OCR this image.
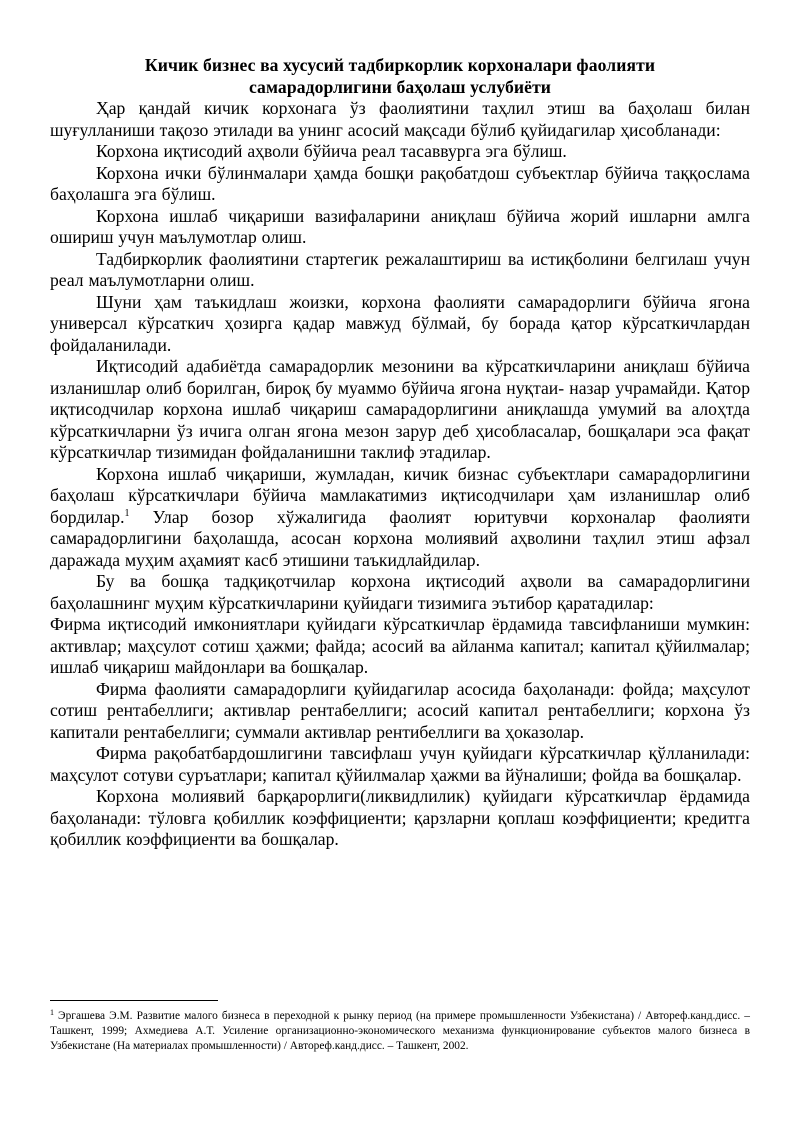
Кичик бизнес ва хусусий тадбиркорлик корхоналари фаолияти
самарадорлигини баҳолаш услубиёти

Ҳар қандай кичик корхонага ўз фаолиятини таҳлил этиш ва баҳолаш билан шуғулланиши тақозо этилади ва унинг асосий мақсади бўлиб қуйидагилар ҳисобланади:

Корхона иқтисодий аҳволи бўйича реал тасаввурга эга бўлиш.

Корхона ички бўлинмалари ҳамда бошқи рақобатдош субъектлар бўйича таққослама баҳолашга эга бўлиш.

Корхона ишлаб чиқариши вазифаларини аниқлаш бўйича жорий ишларни амлга ошириш учун маълумотлар олиш.

Тадбиркорлик фаолиятини стартегик режалаштириш ва истиқболини белгилаш учун реал маълумотларни олиш.

Шуни ҳам таъкидлаш жоизки, корхона фаолияти самарадорлиги бўйича ягона универсал кўрсаткич ҳозирга қадар мавжуд бўлмай, бу борада қатор кўрсаткичлардан фойдаланилади.

Иқтисодий адабиётда самарадорлик мезонини ва кўрсаткичларини аниқлаш бўйича изланишлар олиб борилган, бироқ бу муаммо бўйича ягона нуқтаи- назар учрамайди. Қатор иқтисодчилар корхона ишлаб чиқариш самарадорлигини аниқлашда умумий ва алоҳтда кўрсаткичларни ўз ичига олган ягона мезон зарур деб ҳисобласалар, бошқалари эса фақат кўрсаткичлар тизимидан фойдаланишни таклиф этадилар.

Корхона ишлаб чиқариши, жумладан, кичик бизнас субъектлари самарадорлигини баҳолаш кўрсаткичлари бўйича мамлакатимиз иқтисодчилари ҳам изланишлар олиб бордилар.$^1$ Улар бозор хўжалигида фаолият юритувчи корхоналар фаолияти самарадорлигини баҳолашда, асосан корхона молиявий аҳволини таҳлил этиш афзал даражада муҳим аҳамият касб этишини таъкидлайдилар.

Бу ва бошқа тадқиқотчилар корхона иқтисодий аҳволи ва самарадорлигини баҳолашнинг муҳим кўрсаткичларини қуйидаги тизимига эътибор қаратадилар:

Фирма иқтисодий имкониятлари қуйидаги кўрсаткичлар ёрдамида тавсифланиши мумкин: активлар; маҳсулот сотиш ҳажми; файда; асосий ва айланма капитал; капитал қўйилмалар; ишлаб чиқариш майдонлари ва бошқалар.

Фирма фаолияти самарадорлиги қуйидагилар асосида баҳоланади: фойда; маҳсулот сотиш рентабеллиги; активлар рентабеллиги; асосий капитал рентабеллиги; корхона ўз капитали рентабеллиги; суммали активлар рентибеллиги ва ҳоказолар.

Фирма рақобатбардошлигини тавсифлаш учун қуйидаги кўрсаткичлар қўлланилади: маҳсулот сотуви суръатлари; капитал қўйилмалар ҳажми ва йўналиши; фойда ва бошқалар.

Корхона молиявий барқарорлиги(ликвидлилик) қуйидаги кўрсаткичлар ёрдамида баҳоланади: тўловга қобиллик коэффициенти; қарзларни қоплаш коэффициенти; кредитга қобиллик коэффициенти ва бошқалар.

$^1$ Эргашева Э.М. Развитие малого бизнеса в переходной к рынку период (на примере промышленности Узбекистана) / Автореф.канд.дисс. – Ташкент, 1999; Ахмедиева А.Т. Усиление организационно-экономического механизма функционирование субъектов малого бизнеса в Узбекистане (На материалах промышленности) / Автореф.канд.дисс. – Ташкент, 2002.
